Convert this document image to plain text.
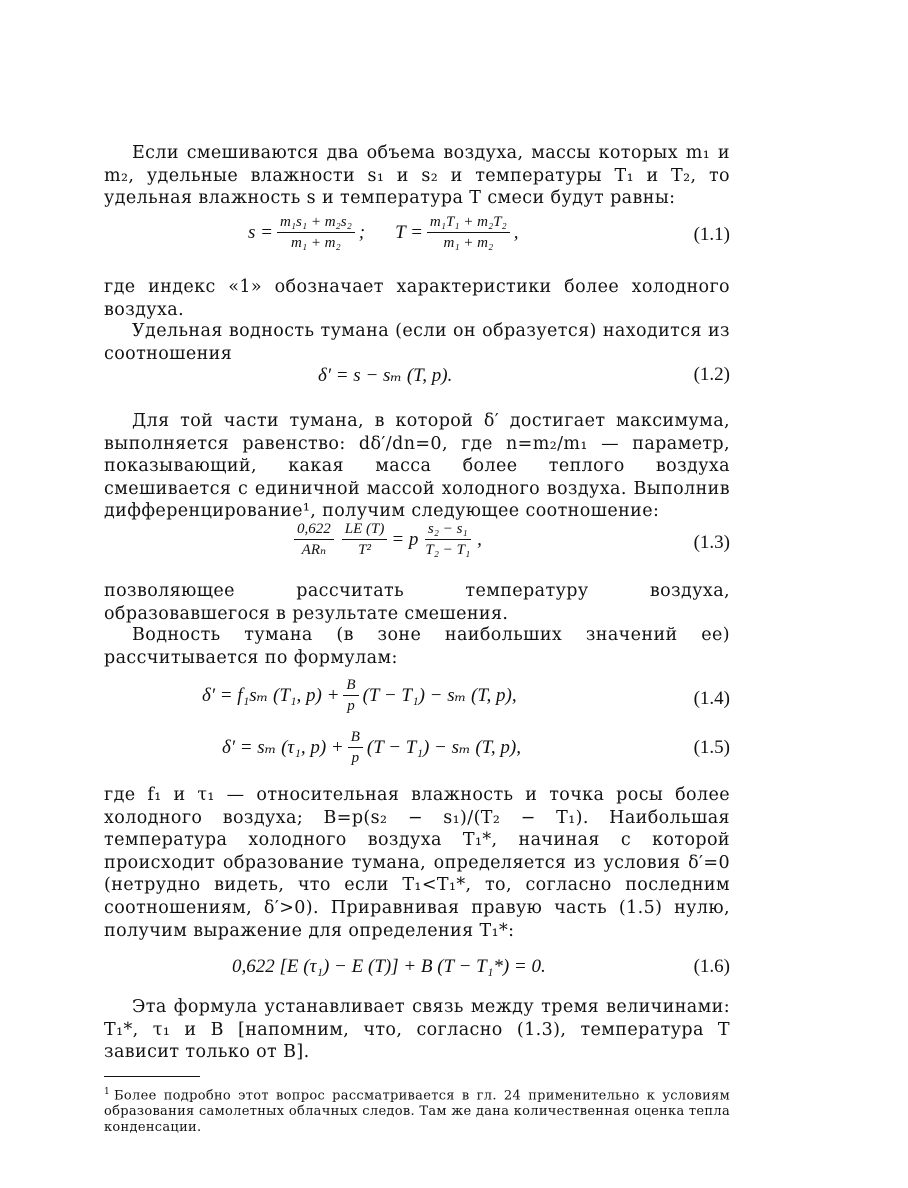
Если смешиваются два объема воздуха, массы которых m₁ и m₂, удельные влажности s₁ и s₂ и температуры T₁ и T₂, то удельная влажность s и температура T смеси будут равны:

$s = \frac{\text{m₁s₁ + m₂s₂}}{\text{m₁ + m₂}}$ ; $T = \frac{\text{m₁T₁ + m₂T₂}}{\text{m₁ + m₂}}$ ,	(1.1)

где индекс «1» обозначает характеристики более холодного воздуха.

Удельная водность тумана (если он образуется) находится из соотношения

δ′ = s − sₘ (T, p).	(1.2)

Для той части тумана, в которой δ′ достигает максимума, выполняется равенство: dδ′/dn=0, где n=m₂/m₁ — параметр, показывающий, какая масса более теплого воздуха смешивается с единичной массой холодного воздуха. Выполнив дифференцирование¹, получим следующее соотношение:

$\frac{0,622}{\text{ARₙ}} \frac{LE (T)}{\text{T²}} = p \frac{\text{s₂ − s₁}}{\text{T₂ − T₁}}$ ,	(1.3)

позволяющее рассчитать температуру воздуха, образовавшегося в результате смешения.

Водность тумана (в зоне наибольших значений ее) рассчитывается по формулам:

δ′ = f₁sₘ (T₁, $p) + \frac{B}{p} (T - T_1) - s_m$ (T, p),	(1.4)
δ′ = sₘ (τ₁, $p) + \frac{B}{p} (T - T_1) - s_m$ (T, p),	(1.5)

где f₁ и τ₁ — относительная влажность и точка росы более холодного воздуха; B=p(s₂ − s₁)/(T₂ − T₁). Наибольшая температура холодного воздуха T₁*, начиная с которой происходит образование тумана, определяется из условия δ′=0 (нетрудно видеть, что если T₁<T₁*, то, согласно последним соотношениям, δ′>0). Приравнивая правую часть (1.5) нулю, получим выражение для определения T₁*:

0,622 [E (τ₁) − E (T)] + B (T − T₁*) = 0.	(1.6)

Эта формула устанавливает связь между тремя величинами: T₁*, τ₁ и B [напомним, что, согласно (1.3), температура T зависит только от B].

$^1$ Более подробно этот вопрос рассматривается в гл. 24 применительно к условиям образования самолетных облачных следов. Там же дана количественная оценка тепла конденсации.
